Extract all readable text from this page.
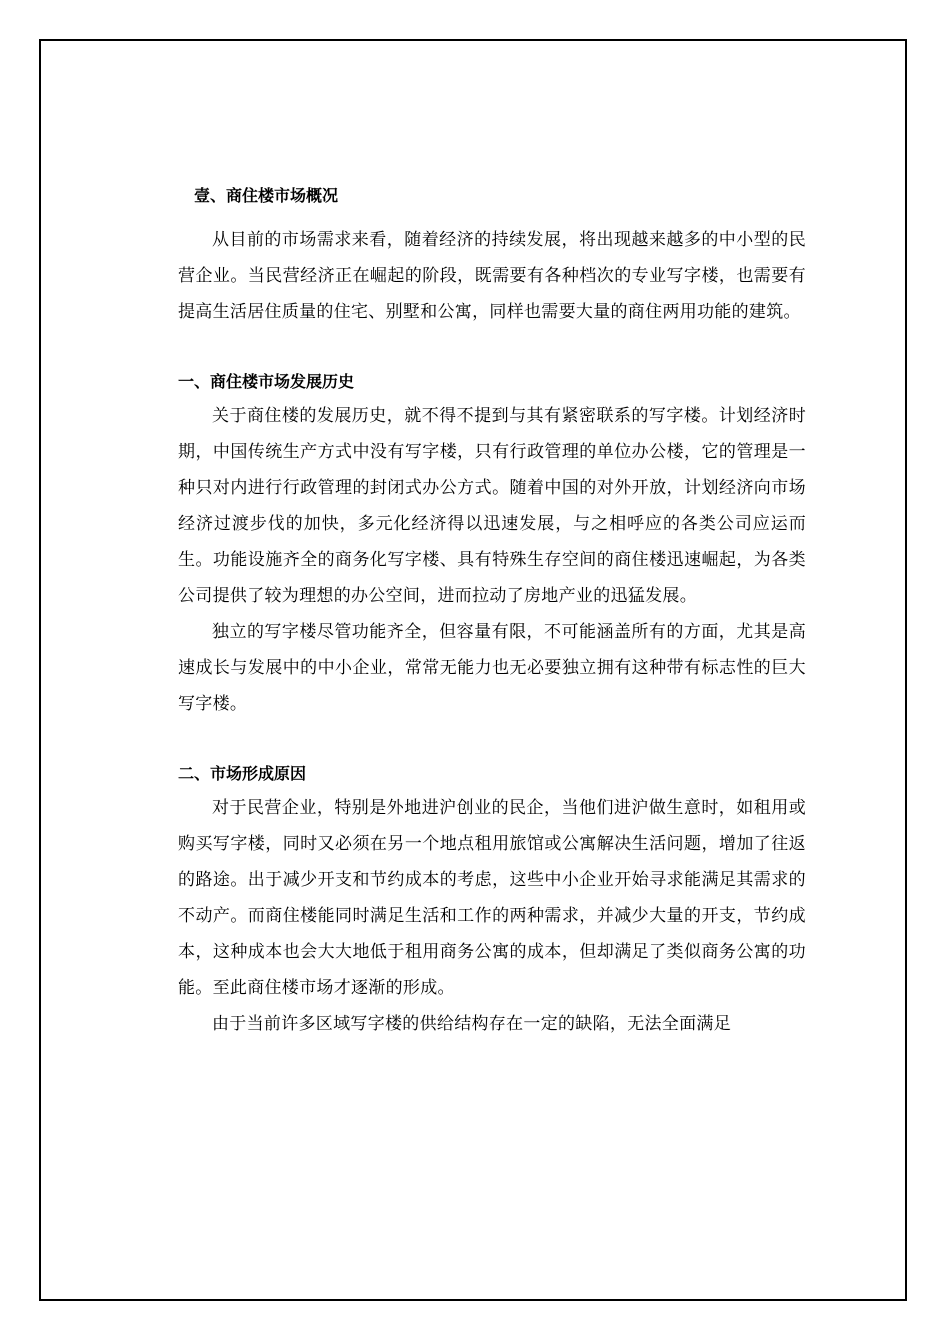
壹、商住楼市场概况

从目前的市场需求来看，随着经济的持续发展，将出现越来越多的中小型的民营企业。当民营经济正在崛起的阶段，既需要有各种档次的专业写字楼，也需要有提高生活居住质量的住宅、别墅和公寓，同样也需要大量的商住两用功能的建筑。

一、商住楼市场发展历史

关于商住楼的发展历史，就不得不提到与其有紧密联系的写字楼。计划经济时期，中国传统生产方式中没有写字楼，只有行政管理的单位办公楼，它的管理是一种只对内进行行政管理的封闭式办公方式。随着中国的对外开放，计划经济向市场经济过渡步伐的加快，多元化经济得以迅速发展，与之相呼应的各类公司应运而生。功能设施齐全的商务化写字楼、具有特殊生存空间的商住楼迅速崛起，为各类公司提供了较为理想的办公空间，进而拉动了房地产业的迅猛发展。

独立的写字楼尽管功能齐全，但容量有限，不可能涵盖所有的方面，尤其是高速成长与发展中的中小企业，常常无能力也无必要独立拥有这种带有标志性的巨大写字楼。

二、市场形成原因

对于民营企业，特别是外地进沪创业的民企，当他们进沪做生意时，如租用或购买写字楼，同时又必须在另一个地点租用旅馆或公寓解决生活问题，增加了往返的路途。出于减少开支和节约成本的考虑，这些中小企业开始寻求能满足其需求的不动产。而商住楼能同时满足生活和工作的两种需求，并减少大量的开支，节约成本，这种成本也会大大地低于租用商务公寓的成本，但却满足了类似商务公寓的功能。至此商住楼市场才逐渐的形成。

由于当前许多区域写字楼的供给结构存在一定的缺陷，无法全面满足
